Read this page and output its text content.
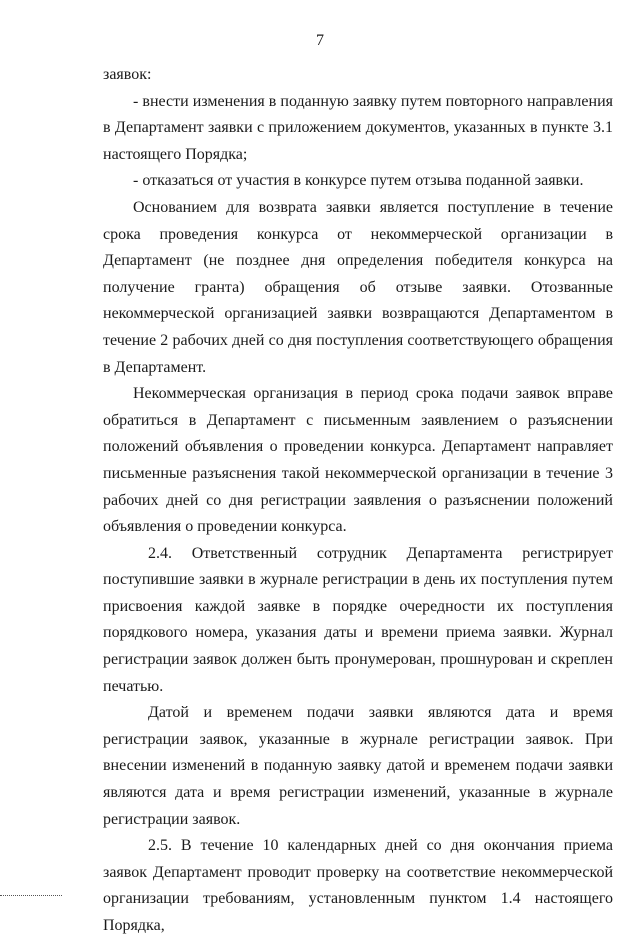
7

заявок:

- внести изменения в поданную заявку путем повторного направления в Департамент заявки с приложением документов, указанных в пункте 3.1 настоящего Порядка;

- отказаться от участия в конкурсе путем отзыва поданной заявки.

Основанием для возврата заявки является поступление в течение срока проведения конкурса от некоммерческой организации в Департамент (не позднее дня определения победителя конкурса на получение гранта) обращения об отзыве заявки. Отозванные некоммерческой организацией заявки возвращаются Департаментом в течение 2 рабочих дней со дня поступления соответствующего обращения в Департамент.

Некоммерческая организация в период срока подачи заявок вправе обратиться в Департамент с письменным заявлением о разъяснении положений объявления о проведении конкурса. Департамент направляет письменные разъяснения такой некоммерческой организации в течение 3 рабочих дней со дня регистрации заявления о разъяснении положений объявления о проведении конкурса.

2.4. Ответственный сотрудник Департамента регистрирует поступившие заявки в журнале регистрации в день их поступления путем присвоения каждой заявке в порядке очередности их поступления порядкового номера, указания даты и времени приема заявки. Журнал регистрации заявок должен быть пронумерован, прошнурован и скреплен печатью.

Датой и временем подачи заявки являются дата и время регистрации заявок, указанные в журнале регистрации заявок. При внесении изменений в поданную заявку датой и временем подачи заявки являются дата и время регистрации изменений, указанные в журнале регистрации заявок.

2.5. В течение 10 календарных дней со дня окончания приема заявок Департамент проводит проверку на соответствие некоммерческой организации требованиям, установленным пунктом 1.4 настоящего Порядка,
